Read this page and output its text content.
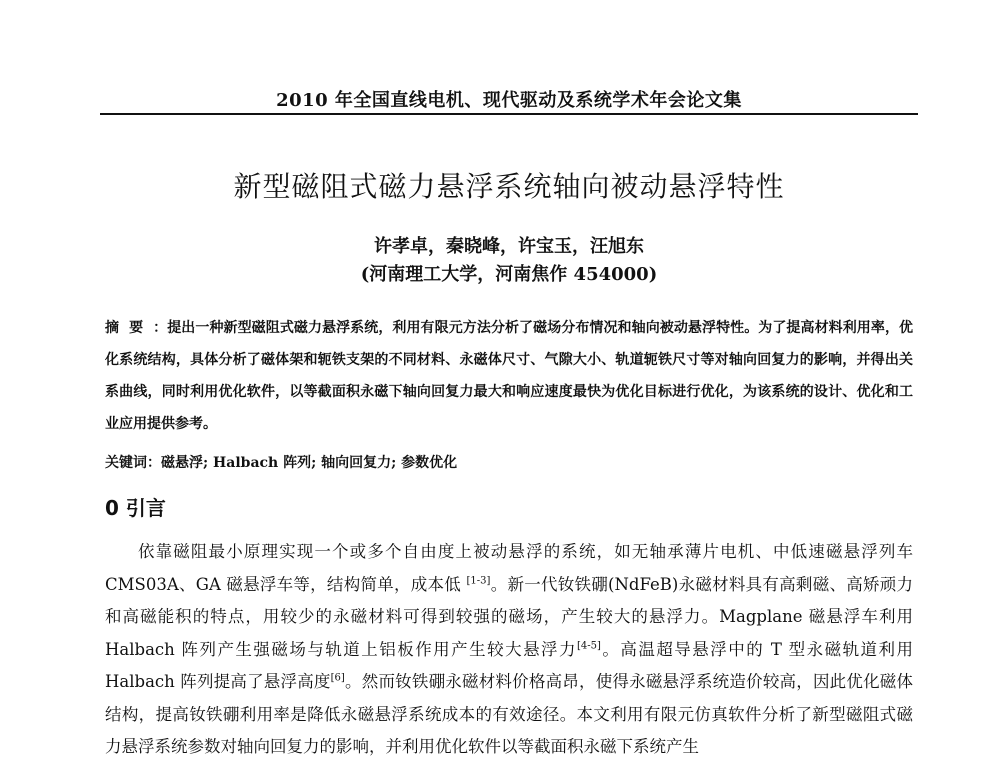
2010 年全国直线电机、现代驱动及系统学术年会论文集
新型磁阻式磁力悬浮系统轴向被动悬浮特性
许孝卓，秦晓峰，许宝玉，汪旭东
(河南理工大学，河南焦作 454000)
摘要：提出一种新型磁阻式磁力悬浮系统，利用有限元方法分析了磁场分布情况和轴向被动悬浮特性。为了提高材料利用率，优化系统结构，具体分析了磁体架和轭铁支架的不同材料、永磁体尺寸、气隙大小、轨道轭铁尺寸等对轴向回复力的影响，并得出关系曲线，同时利用优化软件，以等截面积永磁下轴向回复力最大和响应速度最快为优化目标进行优化，为该系统的设计、优化和工业应用提供参考。
关键词：磁悬浮; Halbach 阵列; 轴向回复力; 参数优化
0 引言
依靠磁阻最小原理实现一个或多个自由度上被动悬浮的系统，如无轴承薄片电机、中低速磁悬浮列车 CMS03A、GA 磁悬浮车等，结构简单，成本低 [1-3]。新一代钕铁硼(NdFeB)永磁材料具有高剩磁、高矫顽力和高磁能积的特点，用较少的永磁材料可得到较强的磁场，产生较大的悬浮力。Magplane 磁悬浮车利用 Halbach 阵列产生强磁场与轨道上铝板作用产生较大悬浮力[4-5]。高温超导悬浮中的 T 型永磁轨道利用 Halbach 阵列提高了悬浮高度[6]。然而钕铁硼永磁材料价格高昂，使得永磁悬浮系统造价较高，因此优化磁体结构，提高钕铁硼利用率是降低永磁悬浮系统成本的有效途径。本文利用有限元仿真软件分析了新型磁阻式磁力悬浮系统参数对轴向回复力的影响，并利用优化软件以等截面积永磁下系统产生
